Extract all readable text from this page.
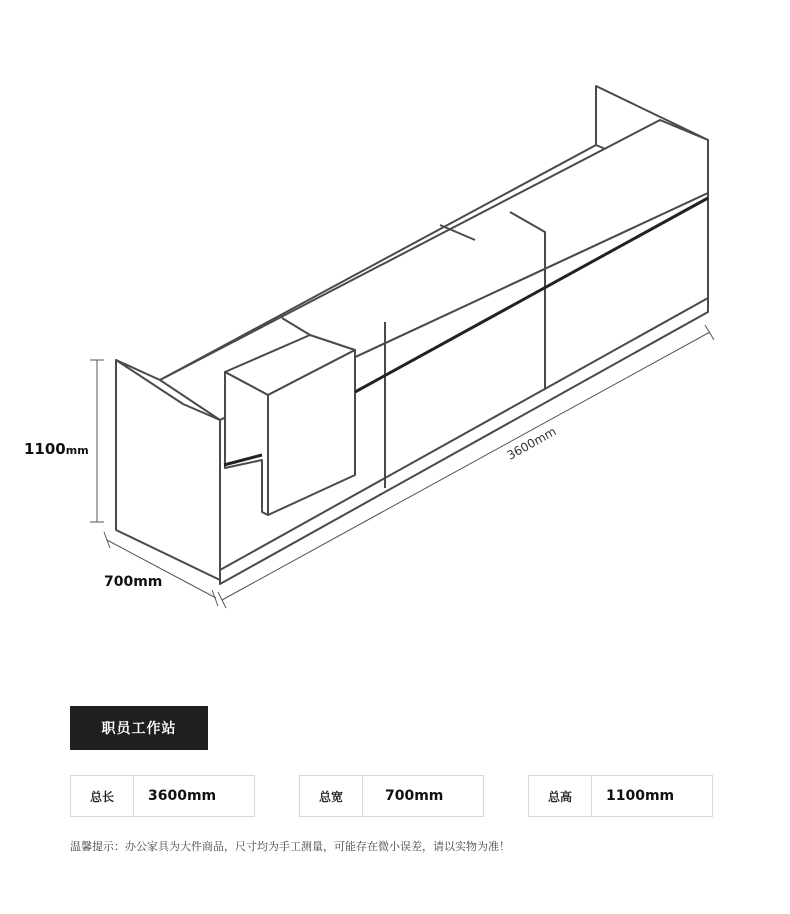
3600mm
1100mm
700mm
职员工作站
总长	3600mm	总宽	700mm	总高	1100mm
温馨提示：办公家具为大件商品，尺寸均为手工测量，可能存在微小误差，请以实物为准！
